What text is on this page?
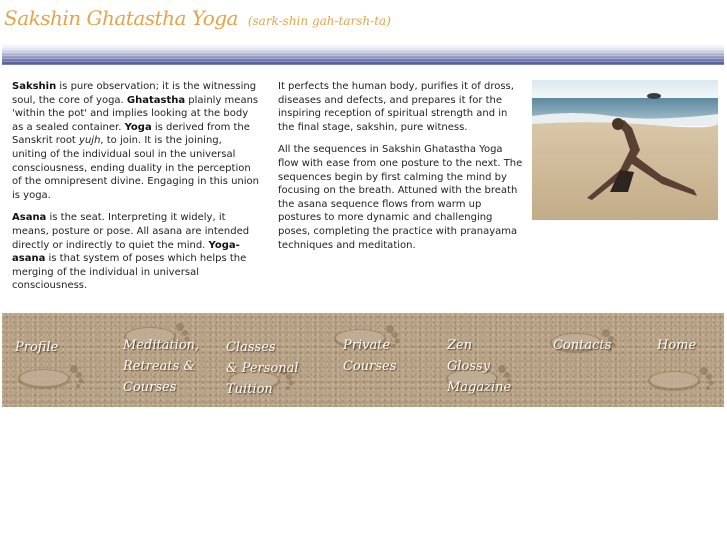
Sakshin Ghatastha Yoga (sark-shin gah-tarsh-ta)

Sakshin is pure observation; it is the witnessing soul, the core of yoga. Ghatastha plainly means 'within the pot' and implies looking at the body as a sealed container. Yoga is derived from the Sanskrit root yujh, to join. It is the joining, uniting of the individual soul in the universal consciousness, ending duality in the perception of the omnipresent divine. Engaging in this union is yoga.

Asana is the seat. Interpreting it widely, it means, posture or pose. All asana are intended directly or indirectly to quiet the mind. Yoga-asana is that system of poses which helps the merging of the individual in universal consciousness.

It perfects the human body, purifies it of dross, diseases and defects, and prepares it for the inspiring reception of spiritual strength and in the final stage, sakshin, pure witness.

All the sequences in Sakshin Ghatastha Yoga flow with ease from one posture to the next. The sequences begin by first calming the mind by focusing on the breath. Attuned with the breath the asana sequence flows from warm up postures to more dynamic and challenging poses, completing the practice with pranayama techniques and meditation.

Profile	Meditation,
Retreats &
Courses
Classes
& Personal
Tuition
Private
Courses
Zen
Glossy
Magazine
Contacts	Home
